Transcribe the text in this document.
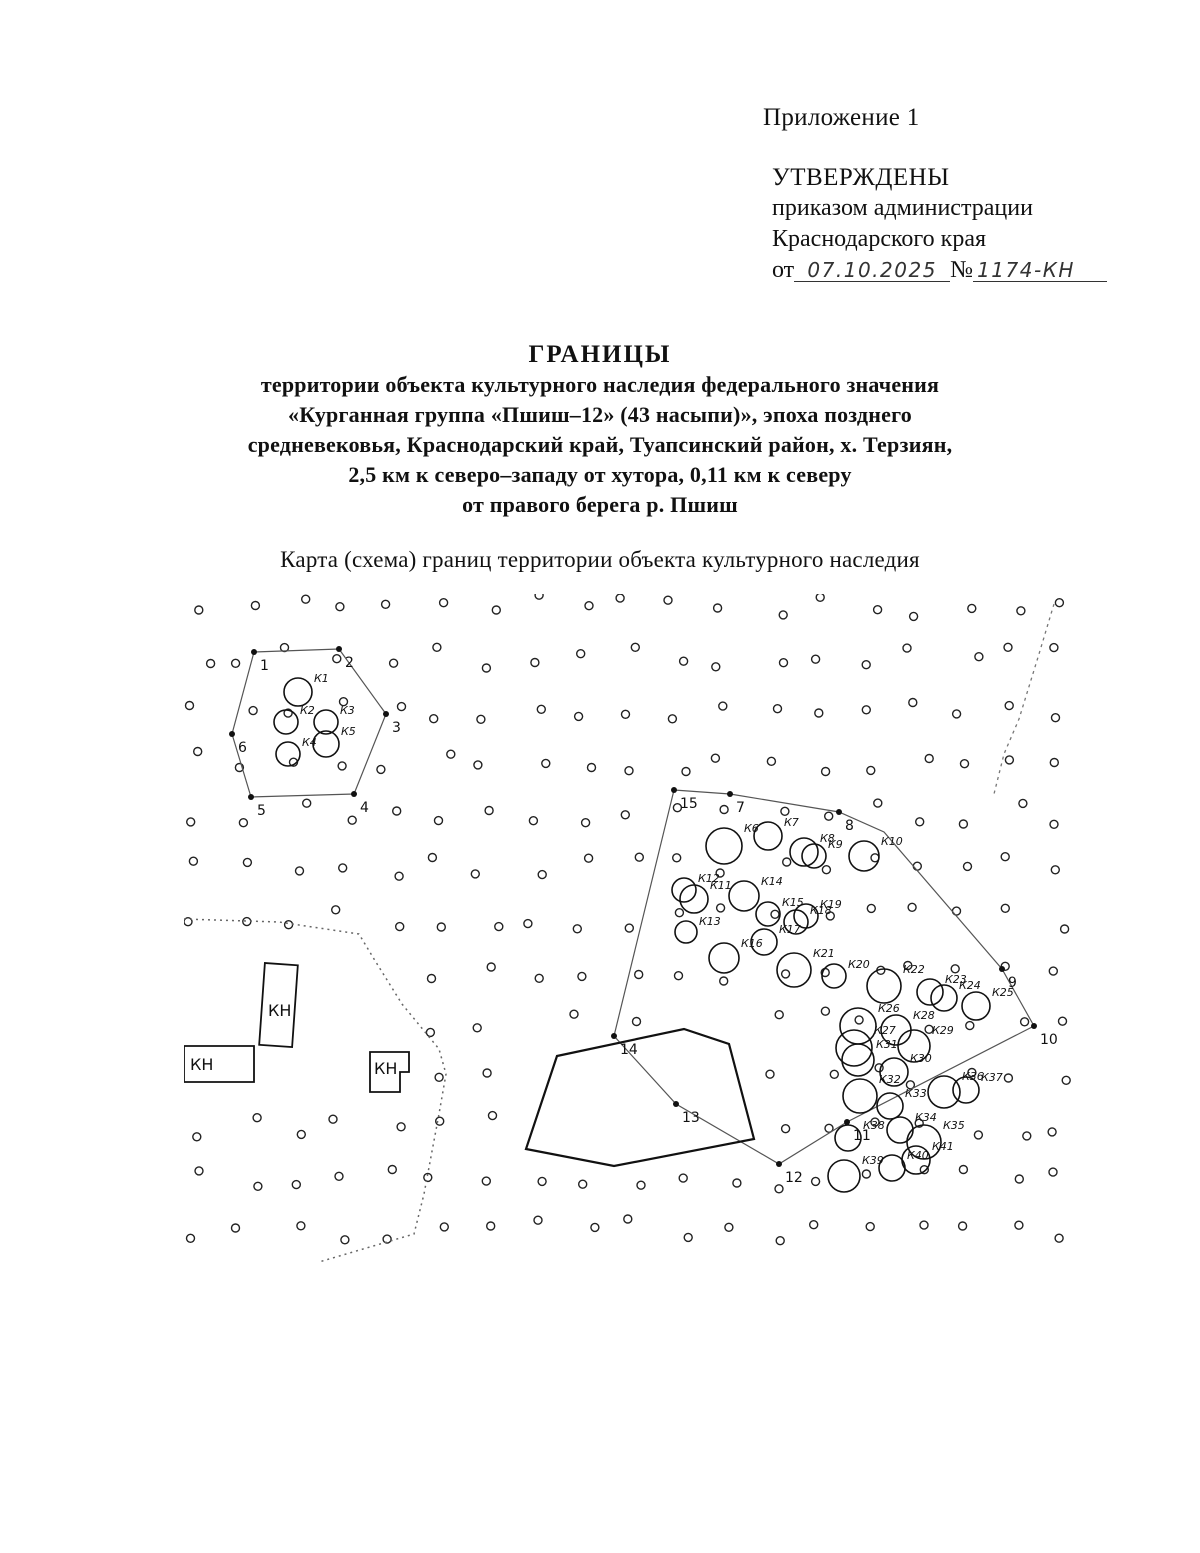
Приложение 1
УТВЕРЖДЕНЫ
приказом администрации
Краснодарского края
от 07.10.2025 № 1174-КН
ГРАНИЦЫ
территории объекта культурного наследия федерального значения
«Курганная группа «Пшиш–12» (43 насыпи)», эпоха позднего
средневековья, Краснодарский край, Туапсинский район, х. Терзиян,
2,5 км к северо–западу от хутора, 0,11 км к северу
от правого берега р. Пшиш
Карта (схема) границ территории объекта культурного наследия
КН
КН	КН
К1
К2 К3
К4
К5
К6 К7
К8
К9	К10
К11
К12
К13
К14
К15
К16
К17
К18
К19
К20
К21
К22
К23
К24
К25
К26
К27
К28
К29
К30
К31
К32
К33
К34
К35
К36
К37
К38
К39 К40
К41
1	2
3
4
5
6
7
8
9
10
11
12
13
14
15
